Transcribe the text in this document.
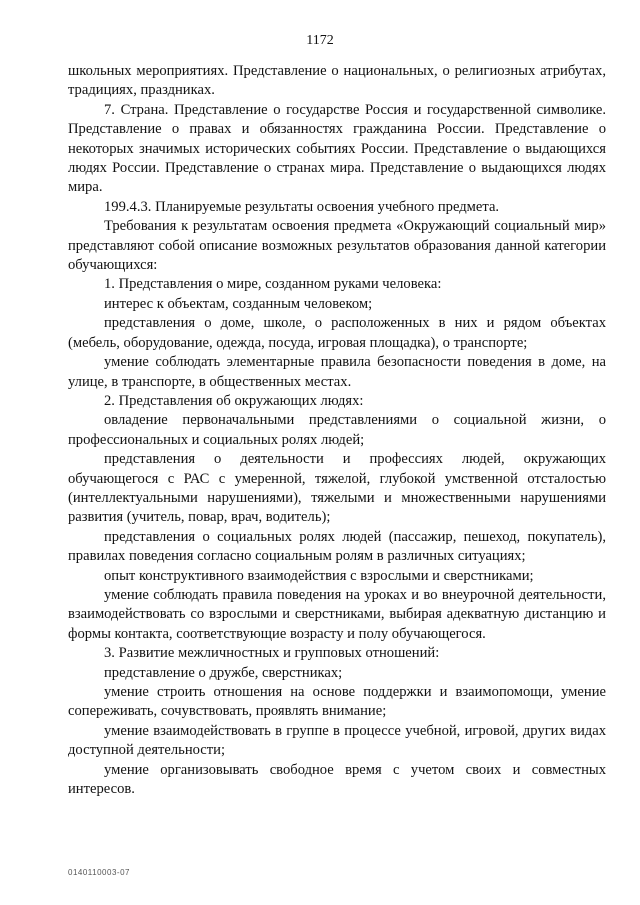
1172

школьных мероприятиях. Представление о национальных, о религиозных атрибутах, традициях, праздниках.

7. Страна. Представление о государстве Россия и государственной символике. Представление о правах и обязанностях гражданина России. Представление о некоторых значимых исторических событиях России. Представление о выдающихся людях России. Представление о странах мира. Представление о выдающихся людях мира.

199.4.3. Планируемые результаты освоения учебного предмета.

Требования к результатам освоения предмета «Окружающий социальный мир» представляют собой описание возможных результатов образования данной категории обучающихся:

1. Представления о мире, созданном руками человека:

интерес к объектам, созданным человеком;

представления о доме, школе, о расположенных в них и рядом объектах (мебель, оборудование, одежда, посуда, игровая площадка), о транспорте;

умение соблюдать элементарные правила безопасности поведения в доме, на улице, в транспорте, в общественных местах.

2. Представления об окружающих людях:

овладение первоначальными представлениями о социальной жизни, о профессиональных и социальных ролях людей;

представления о деятельности и профессиях людей, окружающих обучающегося с РАС с умеренной, тяжелой, глубокой умственной отсталостью (интеллектуальными нарушениями), тяжелыми и множественными нарушениями развития (учитель, повар, врач, водитель);

представления о социальных ролях людей (пассажир, пешеход, покупатель), правилах поведения согласно социальным ролям в различных ситуациях;

опыт конструктивного взаимодействия с взрослыми и сверстниками;

умение соблюдать правила поведения на уроках и во внеурочной деятельности, взаимодействовать со взрослыми и сверстниками, выбирая адекватную дистанцию и формы контакта, соответствующие возрасту и полу обучающегося.

3. Развитие межличностных и групповых отношений:

представление о дружбе, сверстниках;

умение строить отношения на основе поддержки и взаимопомощи, умение сопереживать, сочувствовать, проявлять внимание;

умение взаимодействовать в группе в процессе учебной, игровой, других видах доступной деятельности;

умение организовывать свободное время с учетом своих и совместных интересов.

0140110003-07
